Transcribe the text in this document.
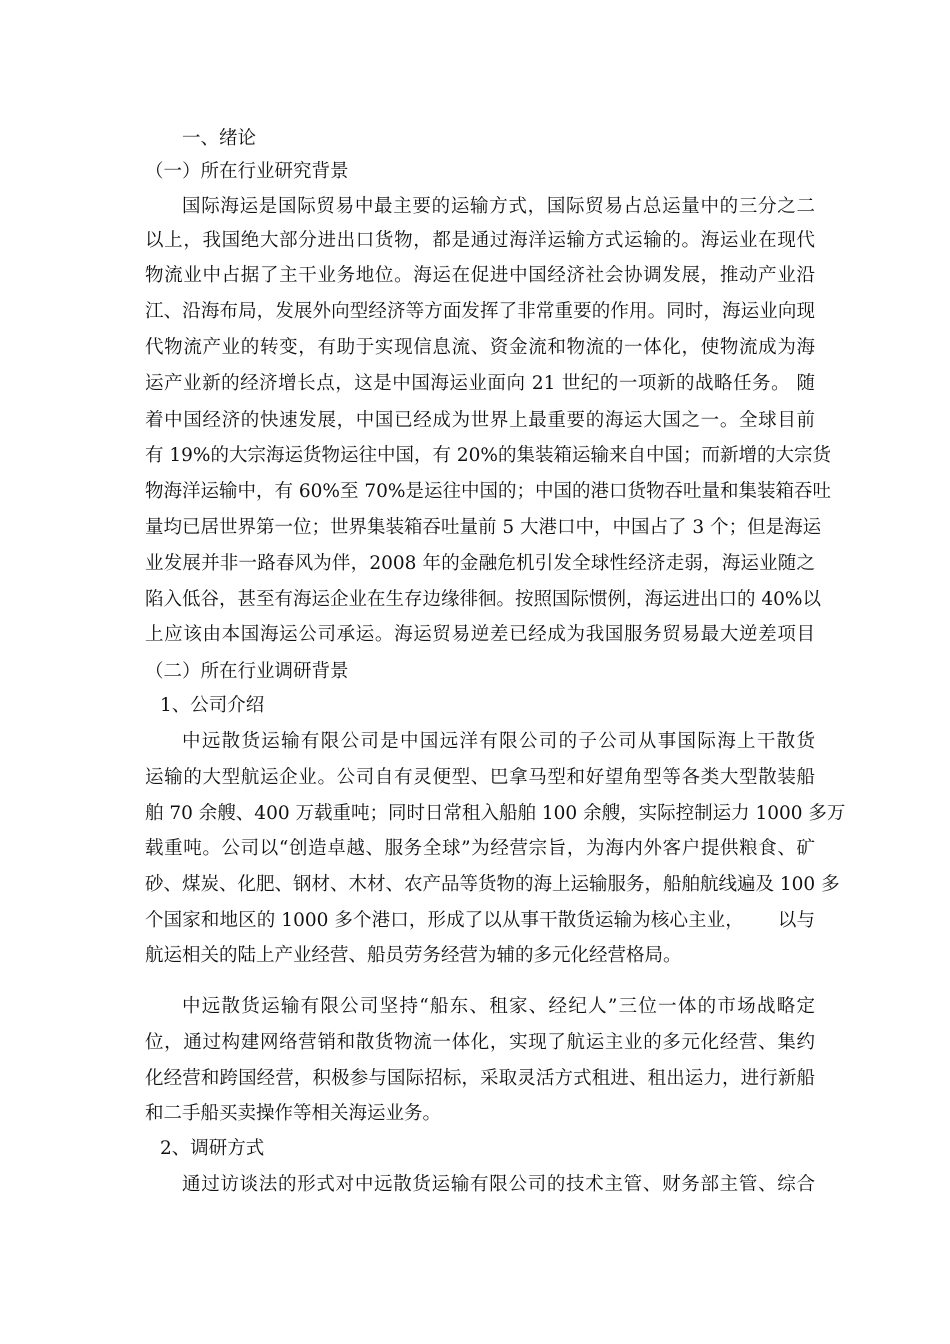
一、绪论
（一）所在行业研究背景
国际海运是国际贸易中最主要的运输方式，国际贸易占总运量中的三分之二
以上，我国绝大部分进出口货物，都是通过海洋运输方式运输的。海运业在现代
物流业中占据了主干业务地位。海运在促进中国经济社会协调发展，推动产业沿
江、沿海布局，发展外向型经济等方面发挥了非常重要的作用。同时，海运业向现
代物流产业的转变，有助于实现信息流、资金流和物流的一体化，使物流成为海
运产业新的经济增长点，这是中国海运业面向 21 世纪的一项新的战略任务。 随
着中国经济的快速发展，中国已经成为世界上最重要的海运大国之一。全球目前
有 19%的大宗海运货物运往中国，有 20%的集装箱运输来自中国；而新增的大宗货
物海洋运输中，有 60%至 70%是运往中国的；中国的港口货物吞吐量和集装箱吞吐
量均已居世界第一位；世界集装箱吞吐量前 5 大港口中，中国占了 3 个；但是海运
业发展并非一路春风为伴，2008 年的金融危机引发全球性经济走弱，海运业随之
陷入低谷，甚至有海运企业在生存边缘徘徊。按照国际惯例，海运进出口的 40%以
上应该由本国海运公司承运。海运贸易逆差已经成为我国服务贸易最大逆差项目
（二）所在行业调研背景
1、公司介绍
中远散货运输有限公司是中国远洋有限公司的子公司从事国际海上干散货
运输的大型航运企业。公司自有灵便型、巴拿马型和好望角型等各类大型散装船
舶 70 余艘、400 万载重吨；同时日常租入船舶 100 余艘，实际控制运力 1000 多万
载重吨。公司以“创造卓越、服务全球”为经营宗旨，为海内外客户提供粮食、矿
砂、煤炭、化肥、钢材、木材、农产品等货物的海上运输服务，船舶航线遍及 100 多
个国家和地区的 1000 多个港口，形成了以从事干散货运输为核心主业，　　 以与
航运相关的陆上产业经营、船员劳务经营为辅的多元化经营格局。
中远散货运输有限公司坚持“船东、租家、经纪人”三位一体的市场战略定
位，通过构建网络营销和散货物流一体化，实现了航运主业的多元化经营、集约
化经营和跨国经营，积极参与国际招标，采取灵活方式租进、租出运力，进行新船
和二手船买卖操作等相关海运业务。
2、调研方式
通过访谈法的形式对中远散货运输有限公司的技术主管、财务部主管、综合
